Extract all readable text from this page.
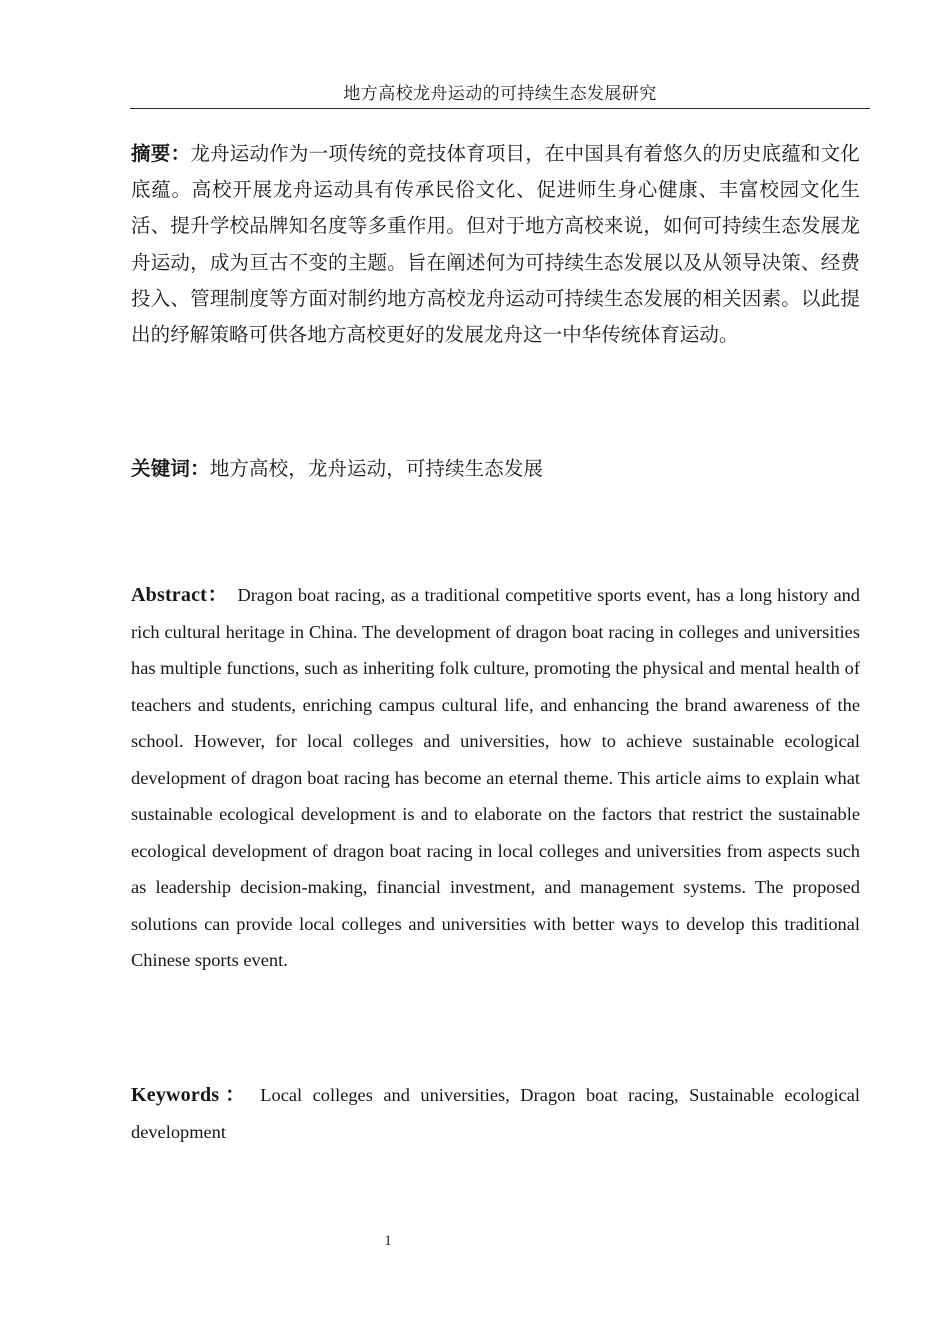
地方高校龙舟运动的可持续生态发展研究
摘要：龙舟运动作为一项传统的竞技体育项目，在中国具有着悠久的历史底蕴和文化底蕴。高校开展龙舟运动具有传承民俗文化、促进师生身心健康、丰富校园文化生活、提升学校品牌知名度等多重作用。但对于地方高校来说，如何可持续生态发展龙舟运动，成为亘古不变的主题。旨在阐述何为可持续生态发展以及从领导决策、经费投入、管理制度等方面对制约地方高校龙舟运动可持续生态发展的相关因素。以此提出的纾解策略可供各地方高校更好的发展龙舟这一中华传统体育运动。
关键词：地方高校，龙舟运动，可持续生态发展
Abstract： Dragon boat racing, as a traditional competitive sports event, has a long history and rich cultural heritage in China. The development of dragon boat racing in colleges and universities has multiple functions, such as inheriting folk culture, promoting the physical and mental health of teachers and students, enriching campus cultural life, and enhancing the brand awareness of the school. However, for local colleges and universities, how to achieve sustainable ecological development of dragon boat racing has become an eternal theme. This article aims to explain what sustainable ecological development is and to elaborate on the factors that restrict the sustainable ecological development of dragon boat racing in local colleges and universities from aspects such as leadership decision-making, financial investment, and management systems. The proposed solutions can provide local colleges and universities with better ways to develop this traditional Chinese sports event.
Keywords： Local colleges and universities, Dragon boat racing, Sustainable ecological development
1
